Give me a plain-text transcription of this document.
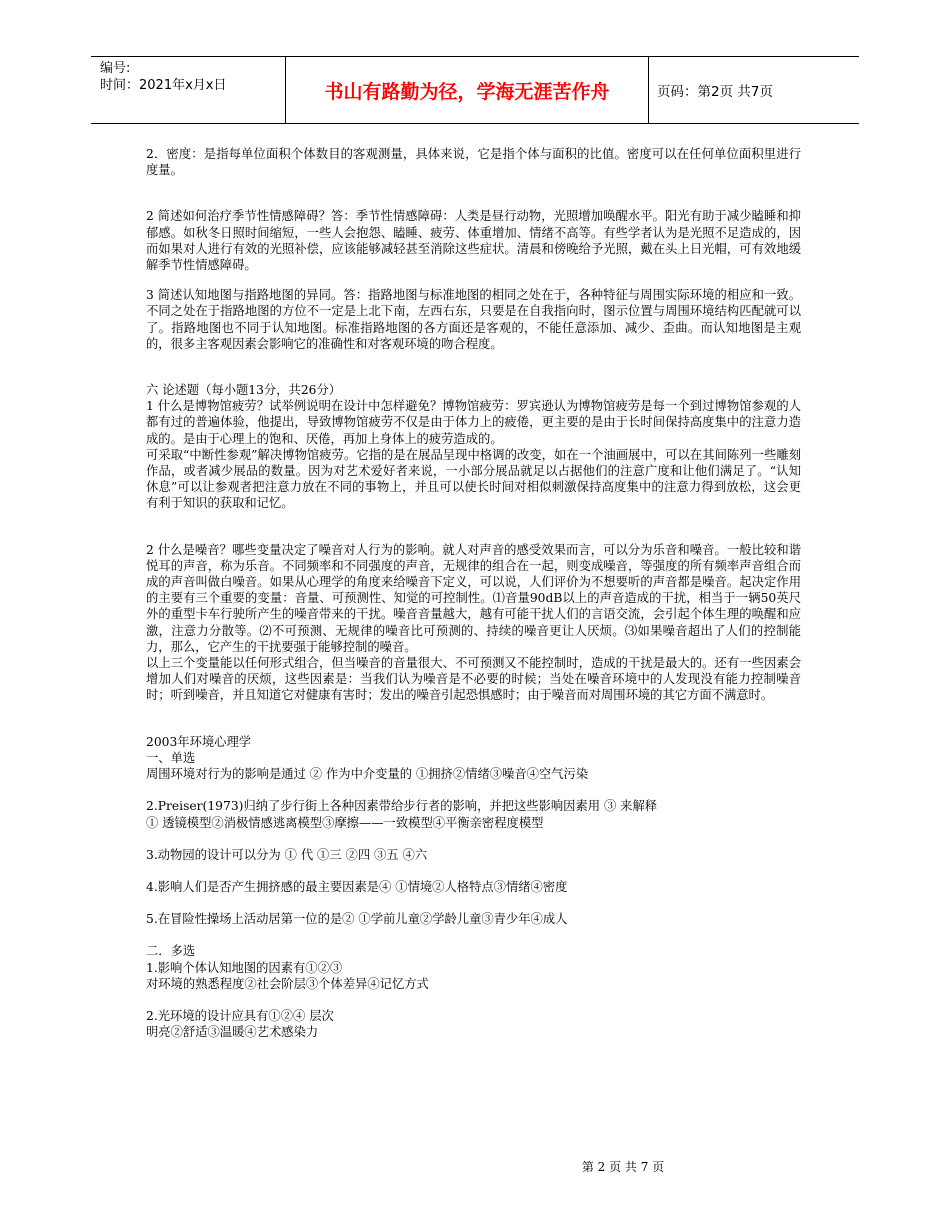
编号:
时间：2021年x月x日	书山有路勤为径，学海无涯苦作舟	页码：第2页 共7页

2．密度：是指每单位面积个体数目的客观测量，具体来说，它是指个体与面积的比值。密度可以在任何单位面积里进行度量。

2 简述如何治疗季节性情感障碍？答：季节性情感障碍：人类是昼行动物，光照增加唤醒水平。阳光有助于减少瞌睡和抑郁感。如秋冬日照时间缩短，一些人会抱怨、瞌睡、疲劳、体重增加、情绪不高等。有些学者认为是光照不足造成的，因而如果对人进行有效的光照补偿，应该能够减轻甚至消除这些症状。清晨和傍晚给予光照，戴在头上日光帽，可有效地缓解季节性情感障碍。

3 简述认知地图与指路地图的异同。答：指路地图与标准地图的相同之处在于，各种特征与周围实际环境的相应和一致。不同之处在于指路地图的方位不一定是上北下南，左西右东，只要是在自我指向时，图示位置与周围环境结构匹配就可以了。指路地图也不同于认知地图。标准指路地图的各方面还是客观的，不能任意添加、减少、歪曲。而认知地图是主观的，很多主客观因素会影响它的准确性和对客观环境的吻合程度。

六 论述题（每小题13分，共26分）

1 什么是博物馆疲劳？试举例说明在设计中怎样避免？博物馆疲劳：罗宾逊认为博物馆疲劳是每一个到过博物馆参观的人都有过的普遍体验，他提出，导致博物馆疲劳不仅是由于体力上的疲倦，更主要的是由于长时间保持高度集中的注意力造成的。是由于心理上的饱和、厌倦，再加上身体上的疲劳造成的。

可采取“中断性参观”解决博物馆疲劳。它指的是在展品呈现中格调的改变，如在一个油画展中，可以在其间陈列一些雕刻作品，或者减少展品的数量。因为对艺术爱好者来说，一小部分展品就足以占据他们的注意广度和让他们满足了。“认知休息”可以让参观者把注意力放在不同的事物上，并且可以使长时间对相似刺激保持高度集中的注意力得到放松，这会更有利于知识的获取和记忆。

2 什么是噪音？哪些变量决定了噪音对人行为的影响。就人对声音的感受效果而言，可以分为乐音和噪音。一般比较和谐悦耳的声音，称为乐音。不同频率和不同强度的声音，无规律的组合在一起，则变成噪音，等强度的所有频率声音组合而成的声音叫做白噪音。如果从心理学的角度来给噪音下定义，可以说，人们评价为不想要听的声音都是噪音。起决定作用的主要有三个重要的变量：音量、可预测性、知觉的可控制性。⑴音量90dB以上的声音造成的干扰，相当于一辆50英尺外的重型卡车行驶所产生的噪音带来的干扰。噪音音量越大，越有可能干扰人们的言语交流，会引起个体生理的唤醒和应激，注意力分散等。⑵不可预测、无规律的噪音比可预测的、持续的噪音更让人厌烦。⑶如果噪音超出了人们的控制能力，那么，它产生的干扰要强于能够控制的噪音。

以上三个变量能以任何形式组合，但当噪音的音量很大、不可预测又不能控制时，造成的干扰是最大的。还有一些因素会增加人们对噪音的厌烦，这些因素是：当我们认为噪音是不必要的时候；当处在噪音环境中的人发现没有能力控制噪音时；听到噪音，并且知道它对健康有害时；发出的噪音引起恐惧感时；由于噪音而对周围环境的其它方面不满意时。

2003年环境心理学

一、单选

周围环境对行为的影响是通过 ② 作为中介变量的 ①拥挤②情绪③噪音④空气污染

2.Preiser(1973)归纳了步行街上各种因素带给步行者的影响，并把这些影响因素用 ③ 来解释

① 透镜模型②消极情感逃离模型③摩擦——一致模型④平衡亲密程度模型

3.动物园的设计可以分为 ① 代 ①三 ②四 ③五 ④六

4.影响人们是否产生拥挤感的最主要因素是④ ①情境②人格特点③情绪④密度

5.在冒险性操场上活动居第一位的是② ①学前儿童②学龄儿童③青少年④成人

二．多选

1.影响个体认知地图的因素有①②③

对环境的熟悉程度②社会阶层③个体差异④记忆方式

2.光环境的设计应具有①②④ 层次

明亮②舒适③温暖④艺术感染力

第 2 页 共 7 页
